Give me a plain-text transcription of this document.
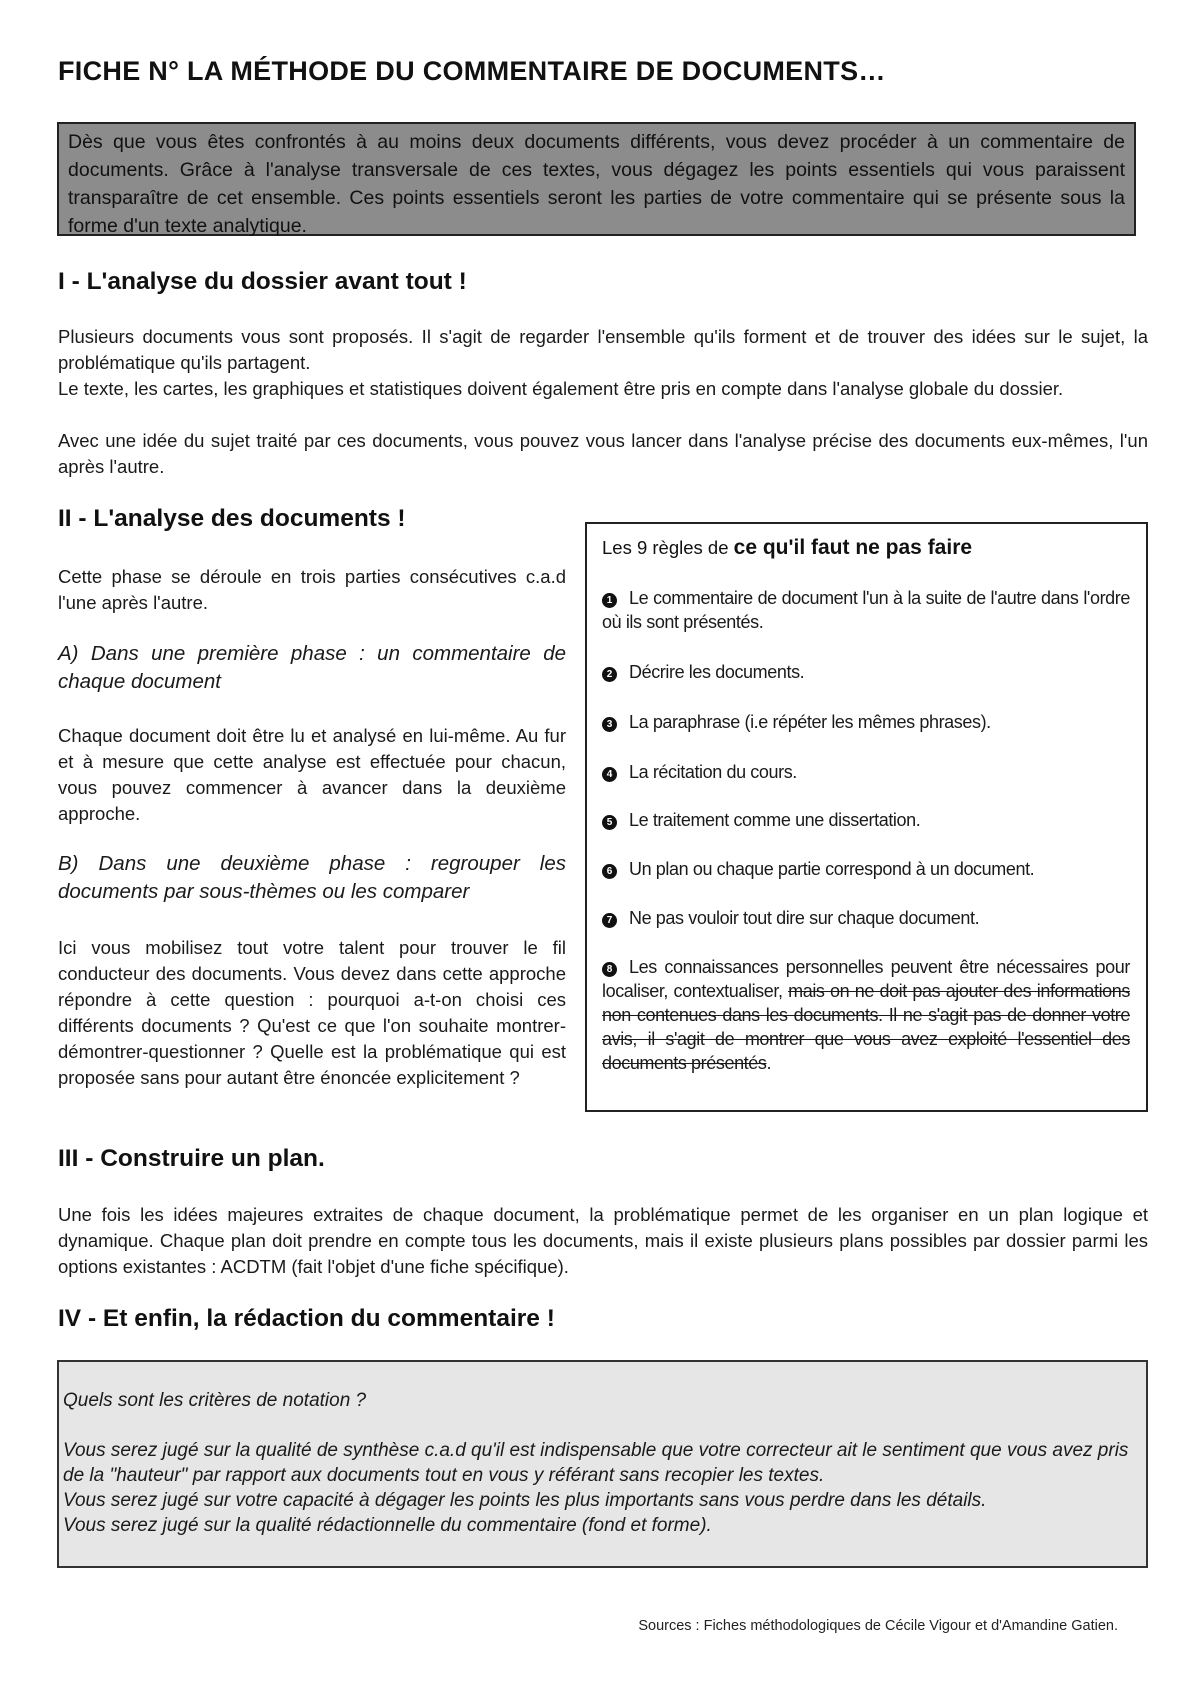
FICHE N° LA MÉTHODE DU COMMENTAIRE DE DOCUMENTS…
Dès que vous êtes confrontés à au moins deux documents différents, vous devez procéder à un commentaire de documents. Grâce à l'analyse transversale de ces textes, vous dégagez les points essentiels qui vous paraissent transparaître de cet ensemble. Ces points essentiels seront les parties de votre commentaire qui se présente sous la forme d'un texte analytique.
I - L'analyse du dossier avant tout !

Plusieurs documents vous sont proposés. Il s'agit de regarder l'ensemble qu'ils forment et de trouver des idées sur le sujet, la problématique qu'ils partagent.

Le texte, les cartes, les graphiques et statistiques doivent également être pris en compte dans l'analyse globale du dossier.

Avec une idée du sujet traité par ces documents, vous pouvez vous lancer dans l'analyse précise des documents eux-mêmes, l'un après l'autre.

II - L'analyse des documents !

Cette phase se déroule en trois parties consécutives c.a.d l'une après l'autre.

A) Dans une première phase : un commentaire de chaque document

Chaque document doit être lu et analysé en lui-même. Au fur et à mesure que cette analyse est effectuée pour chacun, vous pouvez commencer à avancer dans la deuxième approche.

B) Dans une deuxième phase : regrouper les documents par sous-thèmes ou les comparer

Ici vous mobilisez tout votre talent pour trouver le fil conducteur des documents. Vous devez dans cette approche répondre à cette question : pourquoi a-t-on choisi ces différents documents ? Qu'est ce que l'on souhaite montrer-démontrer-questionner ? Quelle est la problématique qui est proposée sans pour autant être énoncée explicitement ?

Les 9 règles de ce qu'il faut ne pas faire
1 Le commentaire de document l'un à la suite de l'autre dans l'ordre où ils sont présentés.
2 Décrire les documents.
3 La paraphrase (i.e répéter les mêmes phrases).
4 La récitation du cours.
5 Le traitement comme une dissertation.
6 Un plan ou chaque partie correspond à un document.
7 Ne pas vouloir tout dire sur chaque document.
8 Les connaissances personnelles peuvent être nécessaires pour localiser, contextualiser, mais on ne doit pas ajouter des informations non contenues dans les documents. Il ne s'agit pas de donner votre avis, il s'agit de montrer que vous avez exploité l'essentiel des documents présentés.
III - Construire un plan.

Une fois les idées majeures extraites de chaque document, la problématique permet de les organiser en un plan logique et dynamique. Chaque plan doit prendre en compte tous les documents, mais il existe plusieurs plans possibles par dossier parmi les options existantes : ACDTM (fait l'objet d'une fiche spécifique).

IV - Et enfin, la rédaction du commentaire !

Quels sont les critères de notation ?

Vous serez jugé sur la qualité de synthèse c.a.d qu'il est indispensable que votre correcteur ait le sentiment que vous avez pris de la "hauteur" par rapport aux documents tout en vous y référant sans recopier les textes.

Vous serez jugé sur votre capacité à dégager les points les plus importants sans vous perdre dans les détails.

Vous serez jugé sur la qualité rédactionnelle du commentaire (fond et forme).

Sources : Fiches méthodologiques de Cécile Vigour et d'Amandine Gatien.
